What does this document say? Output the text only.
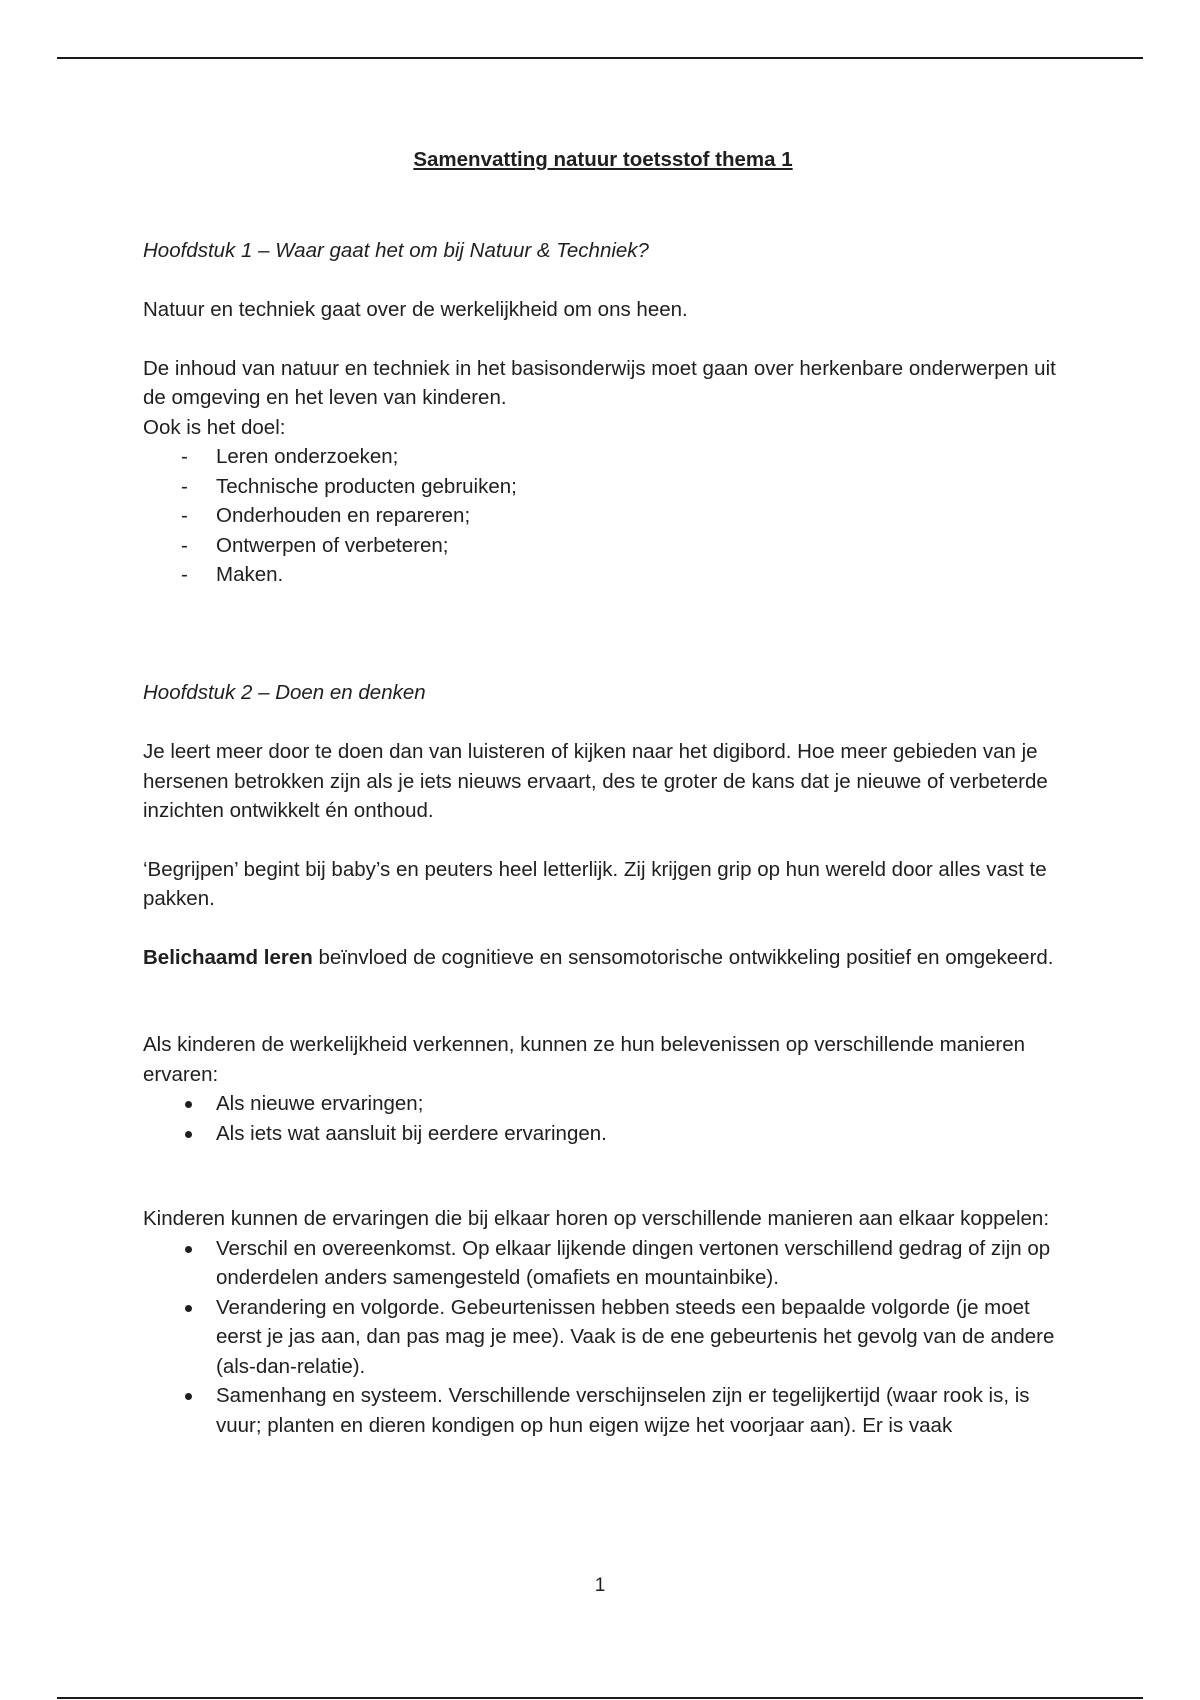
Samenvatting natuur toetsstof thema 1

Hoofdstuk 1 – Waar gaat het om bij Natuur & Techniek?

Natuur en techniek gaat over de werkelijkheid om ons heen.

De inhoud van natuur en techniek in het basisonderwijs moet gaan over herkenbare onderwerpen uit de omgeving en het leven van kinderen.

Ook is het doel:

- Leren onderzoeken;
- Technische producten gebruiken;
- Onderhouden en repareren;
- Ontwerpen of verbeteren;
- Maken.

Hoofdstuk 2 – Doen en denken

Je leert meer door te doen dan van luisteren of kijken naar het digibord. Hoe meer gebieden van je hersenen betrokken zijn als je iets nieuws ervaart, des te groter de kans dat je nieuwe of verbeterde inzichten ontwikkelt én onthoud.

‘Begrijpen’ begint bij baby’s en peuters heel letterlijk. Zij krijgen grip op hun wereld door alles vast te pakken.

Belichaamd leren beïnvloed de cognitieve en sensomotorische ontwikkeling positief en omgekeerd.

Als kinderen de werkelijkheid verkennen, kunnen ze hun belevenissen op verschillende manieren ervaren:

Als nieuwe ervaringen;
Als iets wat aansluit bij eerdere ervaringen.

Kinderen kunnen de ervaringen die bij elkaar horen op verschillende manieren aan elkaar koppelen:

Verschil en overeenkomst. Op elkaar lijkende dingen vertonen verschillend gedrag of zijn op onderdelen anders samengesteld (omafiets en mountainbike).
Verandering en volgorde. Gebeurtenissen hebben steeds een bepaalde volgorde (je moet eerst je jas aan, dan pas mag je mee). Vaak is de ene gebeurtenis het gevolg van de andere (als-dan-relatie).
Samenhang en systeem. Verschillende verschijnselen zijn er tegelijkertijd (waar rook is, is vuur; planten en dieren kondigen op hun eigen wijze het voorjaar aan). Er is vaak
1
